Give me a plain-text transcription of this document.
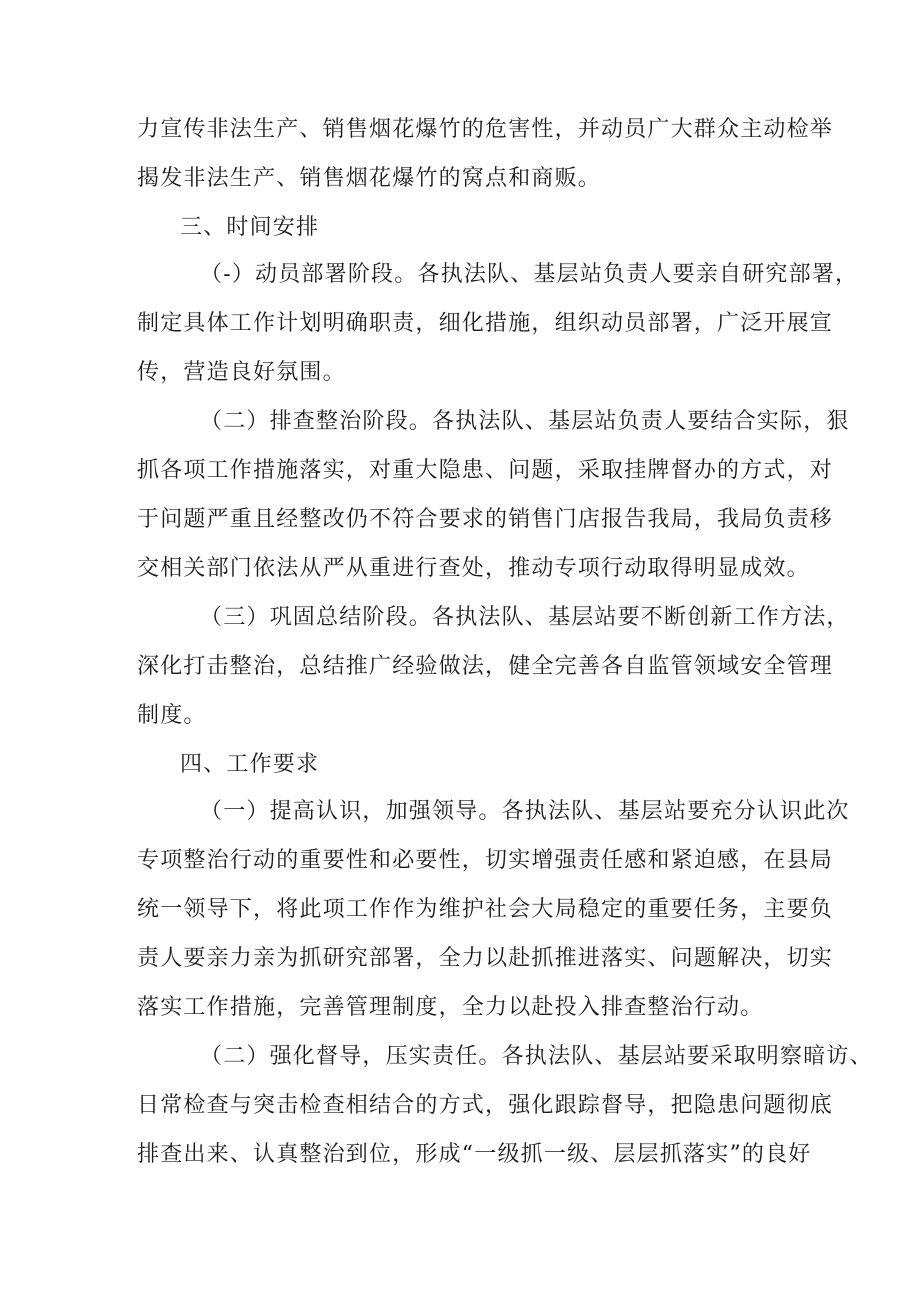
力宣传非法生产、销售烟花爆竹的危害性，并动员广大群众主动检举
揭发非法生产、销售烟花爆竹的窝点和商贩。
三、时间安排
（-）动员部署阶段。各执法队、基层站负责人要亲自研究部署，
制定具体工作计划明确职责，细化措施，组织动员部署，广泛开展宣
传，营造良好氛围。
（二）排查整治阶段。各执法队、基层站负责人要结合实际，狠
抓各项工作措施落实，对重大隐患、问题，采取挂牌督办的方式，对
于问题严重且经整改仍不符合要求的销售门店报告我局，我局负责移
交相关部门依法从严从重进行查处，推动专项行动取得明显成效。
（三）巩固总结阶段。各执法队、基层站要不断创新工作方法，
深化打击整治，总结推广经验做法，健全完善各自监管领域安全管理
制度。
四、工作要求
（一）提高认识，加强领导。各执法队、基层站要充分认识此次
专项整治行动的重要性和必要性，切实增强责任感和紧迫感，在县局
统一领导下，将此项工作作为维护社会大局稳定的重要任务，主要负
责人要亲力亲为抓研究部署，全力以赴抓推进落实、问题解决，切实
落实工作措施，完善管理制度，全力以赴投入排查整治行动。
（二）强化督导，压实责任。各执法队、基层站要采取明察暗访、
日常检查与突击检查相结合的方式，强化跟踪督导，把隐患问题彻底
排查出来、认真整治到位，形成“一级抓一级、层层抓落实”的良好
